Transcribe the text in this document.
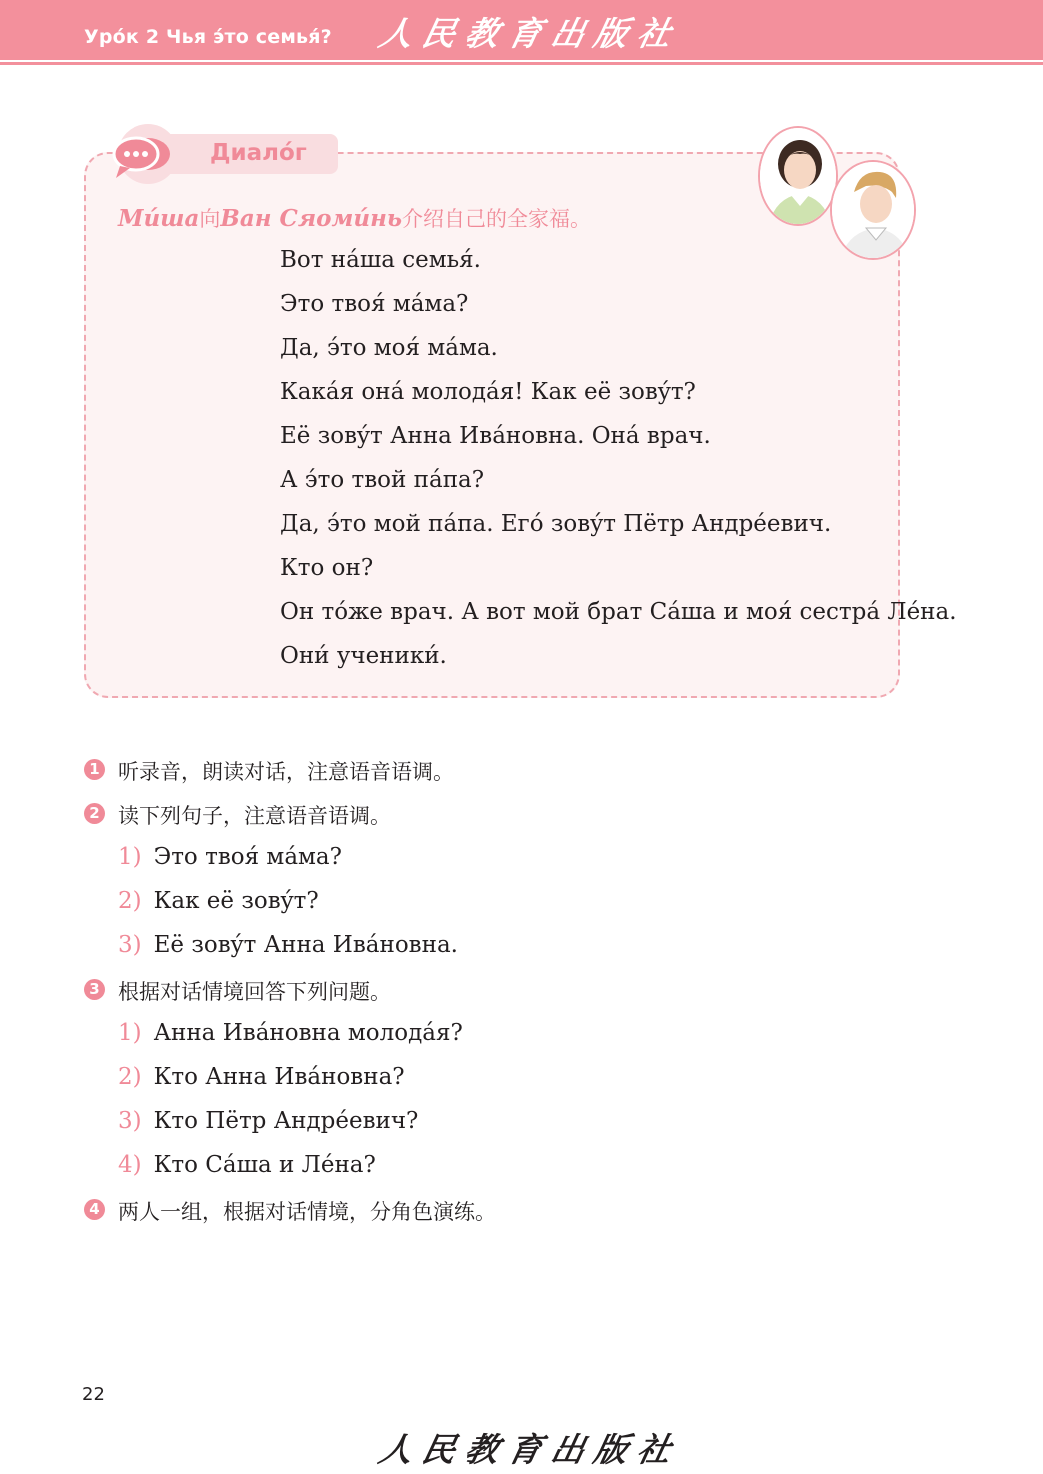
Урóк 2 Чья э́то семья́? 人民教育出版社
Диалóг
Ми́ша向Ван Сяоми́нь介绍自己的全家福。
Вот нáша семья́.
Это твоя́ мáма?
Да, э́то моя́ мáма.
Какáя онá молодáя! Как её зовýт?
Её зовýт Анна Ивáновна. Онá врач.
А э́то твой пáпа?
Да, э́то мой пáпа. Егó зовýт Пётр Андрéевич.
Кто он?
Он тóже врач. А вот мой брат Сáша и моя́ сестрá Лéна.
Они́ ученики́.
1 听录音，朗读对话，注意语音语调。
2 读下列句子，注意语音语调。
1) Это твоя́ мáма?
2) Как её зовýт?
3) Её зовýт Анна Ивáновна.
3 根据对话情境回答下列问题。
1) Анна Ивáновна молодáя?
2) Кто Анна Ивáновна?
3) Кто Пётр Андрéевич?
4) Кто Сáша и Лéна?
4 两人一组，根据对话情境，分角色演练。
22
人民教育出版社
